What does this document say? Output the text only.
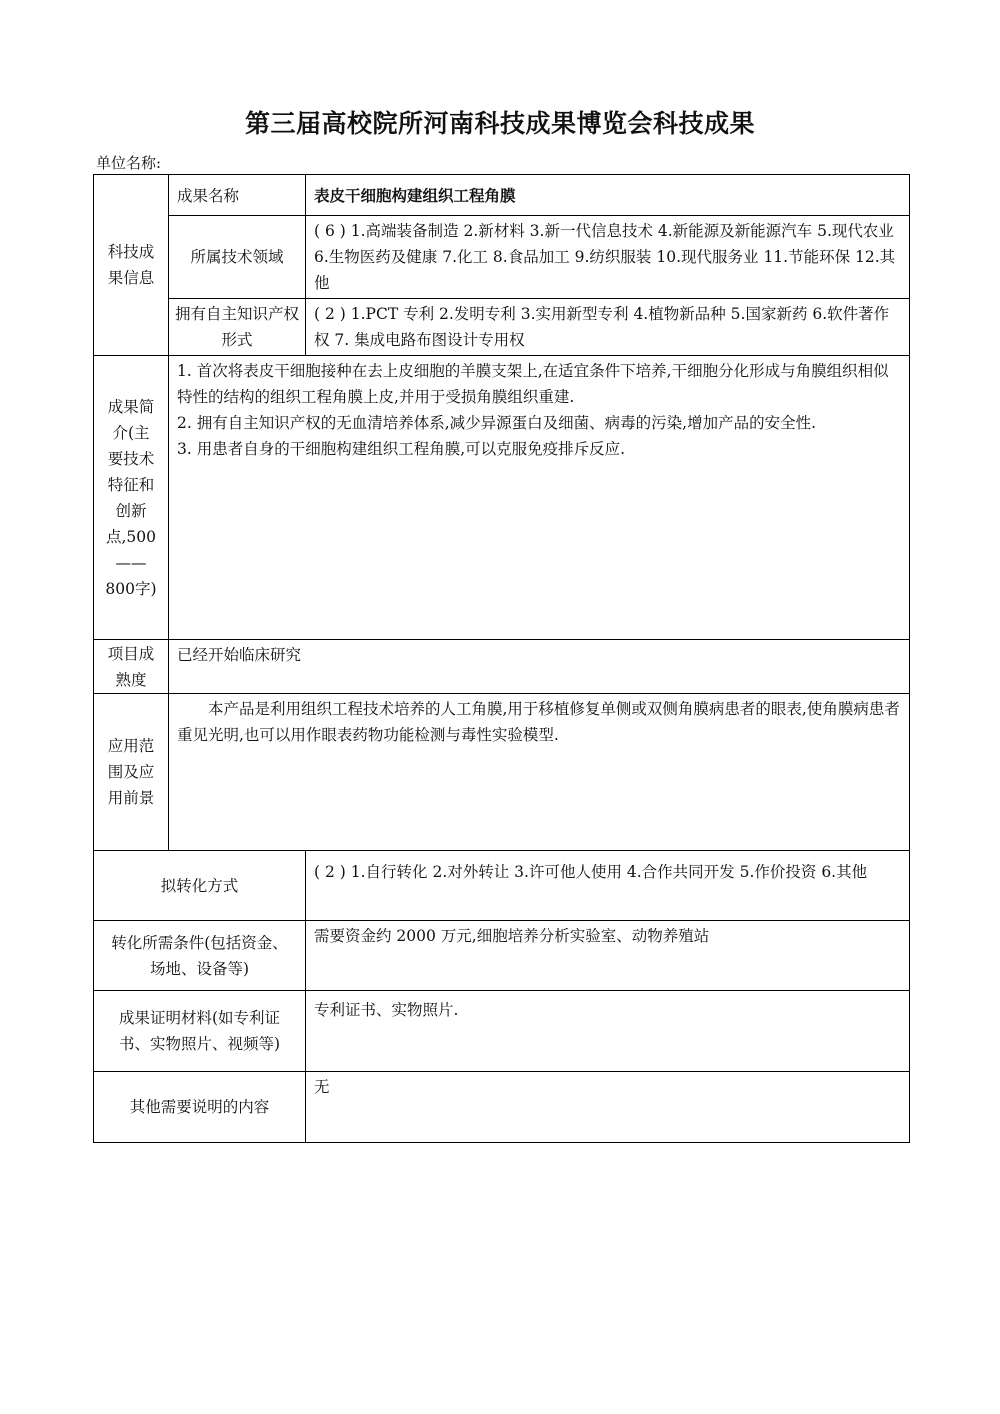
第三届高校院所河南科技成果博览会科技成果
单位名称:
科技成果信息	成果名称	表皮干细胞构建组织工程角膜
	所属技术领域	( 6 ) 1.高端装备制造 2.新材料 3.新一代信息技术 4.新能源及新能源汽车 5.现代农业 6.生物医药及健康 7.化工 8.食品加工 9.纺织服装 10.现代服务业 11.节能环保 12.其他
	拥有自主知识产权形式	( 2 ) 1.PCT 专利 2.发明专利 3.实用新型专利 4.植物新品种 5.国家新药 6.软件著作权 7. 集成电路布图设计专用权
成果简介(主要技术特征和创新点,500——800字)	1. 首次将表皮干细胞接种在去上皮细胞的羊膜支架上,在适宜条件下培养,干细胞分化形成与角膜组织相似特性的结构的组织工程角膜上皮,并用于受损角膜组织重建.
2. 拥有自主知识产权的无血清培养体系,减少异源蛋白及细菌、病毒的污染,增加产品的安全性.
3. 用患者自身的干细胞构建组织工程角膜,可以克服免疫排斥反应.	

项目成熟度	已经开始临床研究	
应用范围及应用前景	本产品是利用组织工程技术培养的人工角膜,用于移植修复单侧或双侧角膜病患者的眼表,使角膜病患者重见光明,也可以用作眼表药物功能检测与毒性实验模型.	

拟转化方式		( 2 ) 1.自行转化 2.对外转让 3.许可他人使用 4.合作共同开发 5.作价投资 6.其他
转化所需条件(包括资金、场地、设备等)		需要资金约 2000 万元,细胞培养分析实验室、动物养殖站
成果证明材料(如专利证书、实物照片、视频等)		专利证书、实物照片.
其他需要说明的内容		无
